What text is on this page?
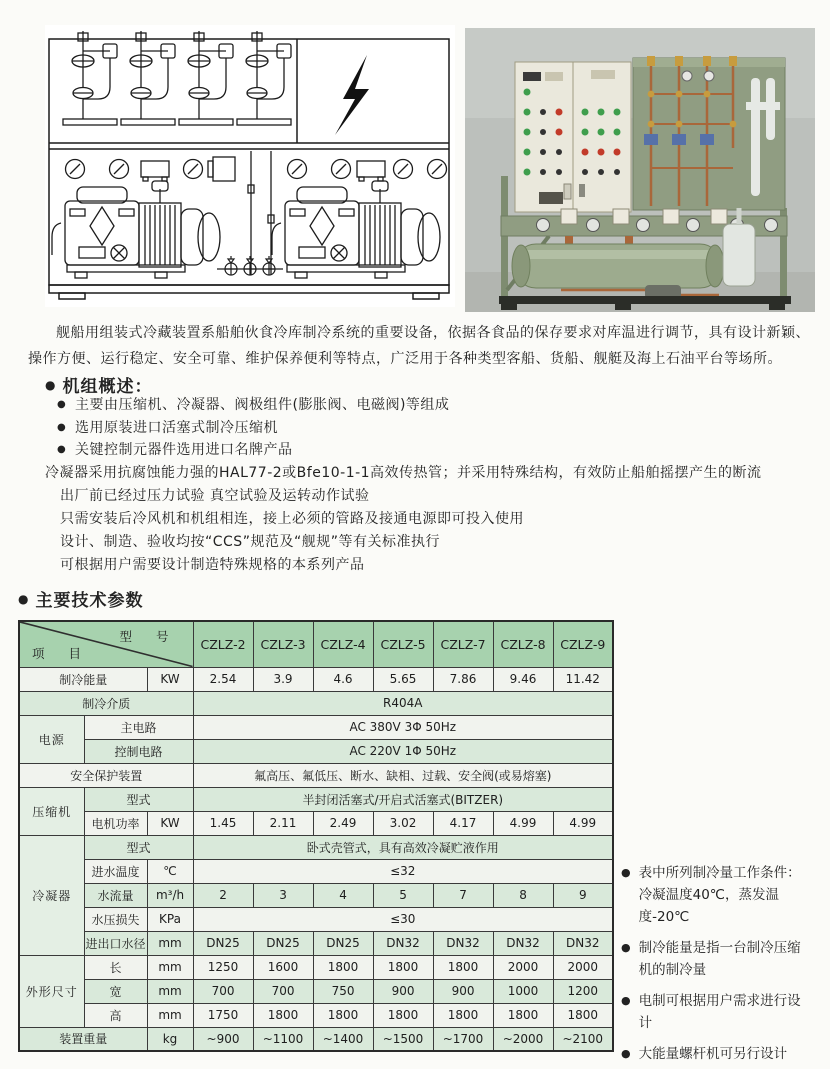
舰船用组装式冷藏装置系船舶伙食冷库制冷系统的重要设备，依据各食品的保存要求对库温进行调节，具有设计新颖、操作方便、运行稳定、安全可靠、维护保养便利等特点，广泛用于各种类型客船、货船、舰艇及海上石油平台等场所。

● 机组概述：
● 主要由压缩机、冷凝器、阀极组件(膨胀阀、电磁阀)等组成
● 选用原装进口活塞式制冷压缩机
● 关键控制元器件选用进口名牌产品
冷凝器采用抗腐蚀能力强的HAL77-2或Bfe10-1-1高效传热管；并采用特殊结构，有效防止船舶摇摆产生的断流
出厂前已经过压力试验 真空试验及运转动作试验
只需安装后冷风机和机组相连，接上必须的管路及接通电源即可投入使用
设计、制造、验收均按“CCS”规范及“舰规”等有关标准执行
可根据用户需要设计制造特殊规格的本系列产品
● 主要技术参数
型 号
项 目			CZLZ-2	CZLZ-3	CZLZ-4	CZLZ-5	CZLZ-7	CZLZ-8	CZLZ-9
制冷能量		KW	2.54	3.9	4.6	5.65	7.86	9.46	11.42
制冷介质			R404A						
电源	主电路		AC 380V 3Φ 50Hz						
	控制电路		AC 220V 1Φ 50Hz						
安全保护装置			氟高压、氟低压、断水、缺相、过载、安全阀(或易熔塞)						
压缩机	型式		半封闭活塞式/开启式活塞式(BITZER)						
	电机功率	KW	1.45	2.11	2.49	3.02	4.17	4.99	4.99
冷凝器	型式		卧式壳管式，具有高效冷凝贮液作用						
	进水温度	℃	≤32						
	水流量	m³/h	2	3	4	5	7	8	9
	水压损失	KPa	≤30						
	进出口水径	mm	DN25	DN25	DN25	DN32	DN32	DN32	DN32
外形尺寸	长	mm	1250	1600	1800	1800	1800	2000	2000
	宽	mm	700	700	750	900	900	1000	1200
	高	mm	1750	1800	1800	1800	1800	1800	1800
装置重量		kg	~900	~1100	~1400	~1500	~1700	~2000	~2100
● 表中所列制冷量工作条件：冷凝温度40℃，蒸发温度-20℃
● 制冷能量是指一台制冷压缩机的制冷量
● 电制可根据用户需求进行设计
● 大能量螺杆机可另行设计
